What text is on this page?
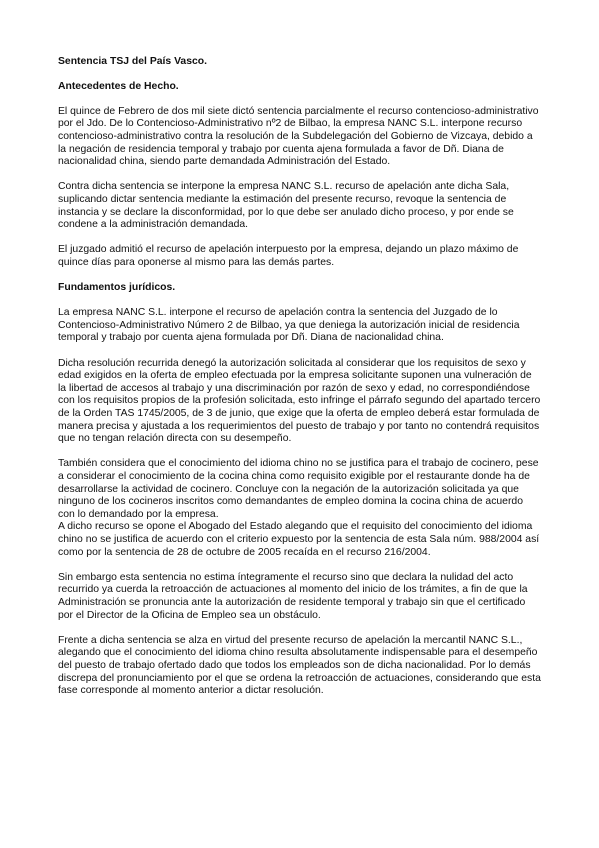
Sentencia TSJ del País Vasco.
Antecedentes de Hecho.

El quince de Febrero de dos mil siete dictó sentencia parcialmente el recurso contencioso-administrativo por el Jdo. De lo Contencioso-Administrativo nº2 de Bilbao, la empresa NANC S.L. interpone recurso contencioso-administrativo contra la resolución de la Subdelegación del Gobierno de Vizcaya, debido a la negación de residencia temporal y trabajo por cuenta ajena formulada a favor de Dñ. Diana de nacionalidad china, siendo parte demandada Administración del Estado.

Contra dicha sentencia se interpone la empresa NANC S.L. recurso de apelación ante dicha Sala, suplicando dictar sentencia mediante la estimación del presente recurso, revoque la sentencia de instancia y se declare la disconformidad, por lo que debe ser anulado dicho proceso, y por ende se condene a la administración demandada.

El juzgado admitió el recurso de apelación interpuesto por la empresa, dejando un plazo máximo de quince días para oponerse al mismo para las demás partes.

Fundamentos jurídicos.

La empresa NANC S.L. interpone el recurso de apelación contra la sentencia del Juzgado de lo Contencioso-Administrativo Número 2 de Bilbao, ya que deniega la autorización inicial de residencia temporal y trabajo por cuenta ajena formulada por Dñ. Diana de nacionalidad china.

Dicha resolución recurrida denegó la autorización solicitada al considerar que los requisitos de sexo y edad exigidos en la oferta de empleo efectuada por la empresa solicitante suponen una vulneración de la libertad de accesos al trabajo y una discriminación por razón de sexo y edad, no correspondiéndose con los requisitos propios de la profesión solicitada, esto infringe el párrafo segundo del apartado tercero de la Orden TAS 1745/2005, de 3 de junio, que exige que la oferta de empleo deberá estar formulada de manera precisa y ajustada a los requerimientos del puesto de trabajo y por tanto no contendrá requisitos que no tengan relación directa con su desempeño.

También considera que el conocimiento del idioma chino no se justifica para el trabajo de cocinero, pese a considerar el conocimiento de la cocina china como requisito exigible por el restaurante donde ha de desarrollarse la actividad de cocinero. Concluye con la negación de la autorización solicitada ya que ninguno de los cocineros inscritos como demandantes de empleo domina la cocina china de acuerdo con lo demandado por la empresa.

A dicho recurso se opone el Abogado del Estado alegando que el requisito del conocimiento del idioma chino no se justifica de acuerdo con el criterio expuesto por la sentencia de esta Sala núm. 988/2004 así como por la sentencia de 28 de octubre de 2005 recaída en el recurso 216/2004.

Sin embargo esta sentencia no estima íntegramente el recurso sino que declara la nulidad del acto recurrido ya cuerda la retroacción de actuaciones al momento del inicio de los trámites, a fin de que la Administración se pronuncia ante la autorización de residente temporal y trabajo sin que el certificado por el Director de la Oficina de Empleo sea un obstáculo.

Frente a dicha sentencia se alza en virtud del presente recurso de apelación la mercantil NANC S.L., alegando que el conocimiento del idioma chino resulta absolutamente indispensable para el desempeño del puesto de trabajo ofertado dado que todos los empleados son de dicha nacionalidad. Por lo demás discrepa del pronunciamiento por el que se ordena la retroacción de actuaciones, considerando que esta fase corresponde al momento anterior a dictar resolución.
